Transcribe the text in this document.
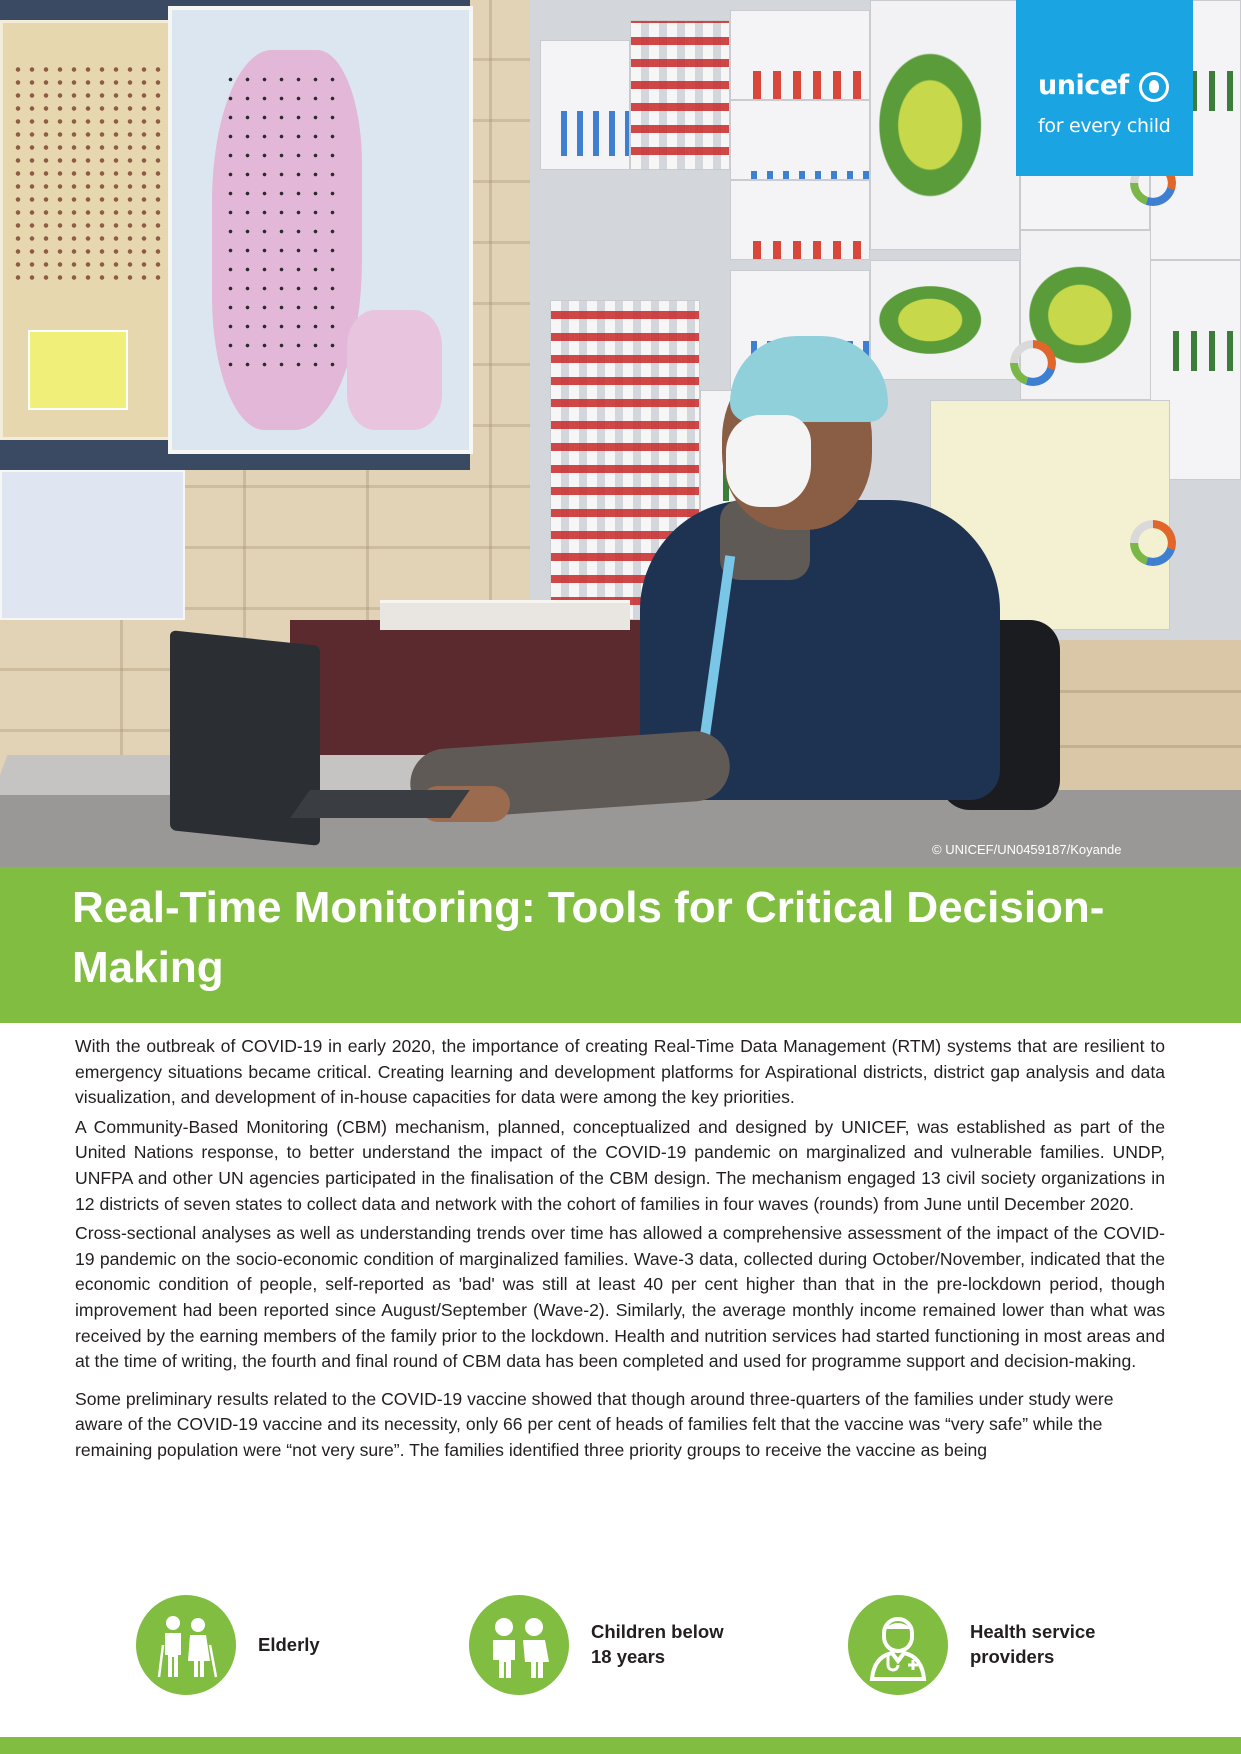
unicef
for every child
© UNICEF/UN0459187/Koyande
Real-Time Monitoring: Tools for Critical Decision-Making

With the outbreak of COVID-19 in early 2020, the importance of creating Real-Time Data Management (RTM) systems that are resilient to emergency situations became critical. Creating learning and development platforms for Aspirational districts, district gap analysis and data visualization, and development of in-house capacities for data were among the key priorities.

A Community-Based Monitoring (CBM) mechanism, planned, conceptualized and designed by UNICEF, was established as part of the United Nations response, to better understand the impact of the COVID-19 pandemic on marginalized and vulnerable families. UNDP, UNFPA and other UN agencies participated in the finalisation of the CBM design. The mechanism engaged 13 civil society organizations in 12 districts of seven states to collect data and network with the cohort of families in four waves (rounds) from June until December 2020.

Cross-sectional analyses as well as understanding trends over time has allowed a comprehensive assessment of the impact of the COVID-19 pandemic on the socio-economic condition of marginalized families. Wave-3 data, collected during October/November, indicated that the economic condition of people, self-reported as 'bad' was still at least 40 per cent higher than that in the pre-lockdown period, though improvement had been reported since August/September (Wave-2). Similarly, the average monthly income remained lower than what was received by the earning members of the family prior to the lockdown. Health and nutrition services had started functioning in most areas and at the time of writing, the fourth and final round of CBM data has been completed and used for programme support and decision-making.

Some preliminary results related to the COVID-19 vaccine showed that though around three-quarters of the families under study were aware of the COVID-19 vaccine and its necessity, only 66 per cent of heads of families felt that the vaccine was “very safe” while the remaining population were “not very sure”. The families identified three priority groups to receive the vaccine as being

Elderly
Children below
18 years
Health service
providers
